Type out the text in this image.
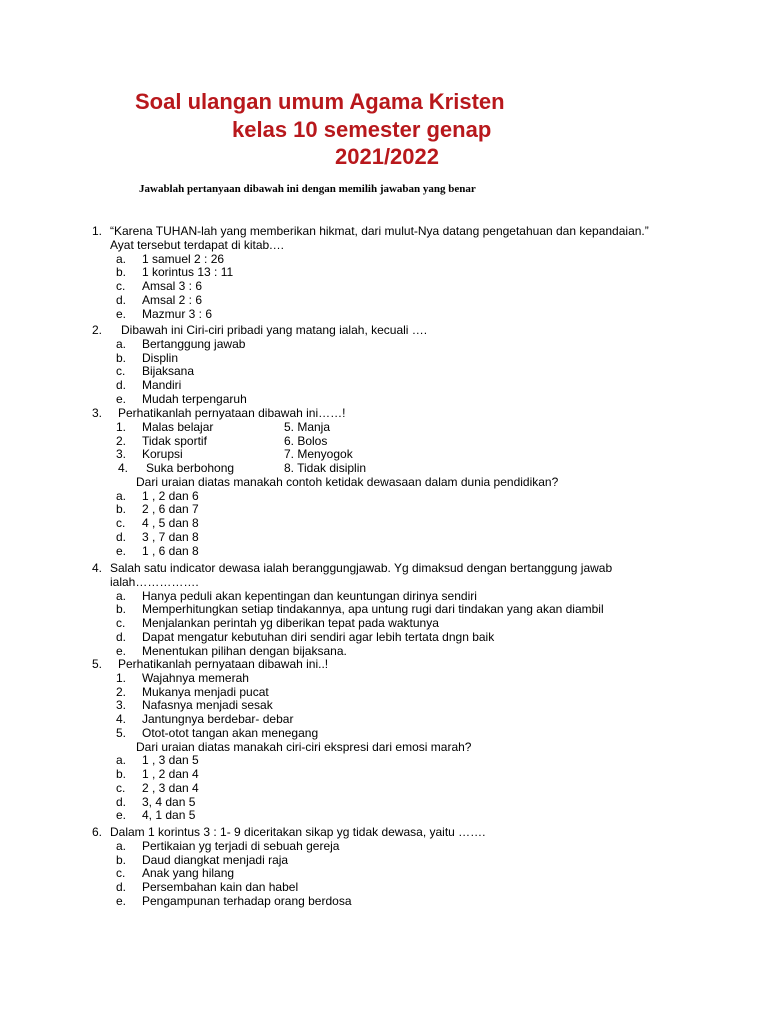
Soal ulangan umum Agama Kristen
kelas 10 semester genap
2021/2022

Jawablah pertanyaan dibawah ini dengan memilih jawaban yang benar

1. “Karena TUHAN-lah yang memberikan hikmat, dari mulut-Nya datang pengetahuan dan kepandaian.” Ayat tersebut terdapat di kitab.…
a. 1 samuel 2 : 26
b. 1 korintus 13 : 11
c. Amsal 3 : 6
d. Amsal 2 : 6
e. Mazmur 3 : 6
2.	Dibawah ini Ciri-ciri pribadi yang matang ialah, kecuali ….
a. Bertanggung jawab
b. Displin
c. Bijaksana
d. Mandiri
e. Mudah terpengaruh
3.	Perhatikanlah pernyataan dibawah ini……!
1. Malas belajar	5. Manja
2. Tidak sportif	6. Bolos
3. Korupsi	7. Menyogok
4. Suka berbohong	8. Tidak disiplin
Dari uraian diatas manakah contoh ketidak dewasaan dalam dunia pendidikan?
a. 1 , 2 dan 6
b. 2 , 6 dan 7
c. 4 , 5 dan 8
d. 3 , 7 dan 8
e. 1 , 6 dan 8
4. Salah satu indicator dewasa ialah beranggungjawab. Yg dimaksud dengan bertanggung jawab ialah…………….
a. Hanya peduli akan kepentingan dan keuntungan dirinya sendiri
b. Memperhitungkan setiap tindakannya, apa untung rugi dari tindakan yang akan diambil
c. Menjalankan perintah yg diberikan tepat pada waktunya
d. Dapat mengatur kebutuhan diri sendiri agar lebih tertata dngn baik
e. Menentukan pilihan dengan bijaksana.
5.	Perhatikanlah pernyataan dibawah ini..!
1. Wajahnya memerah
2. Mukanya menjadi pucat
3. Nafasnya menjadi sesak
4. Jantungnya berdebar- debar
5. Otot-otot tangan akan menegang
Dari uraian diatas manakah ciri-ciri ekspresi dari emosi marah?
a. 1 , 3 dan 5
b. 1 , 2 dan 4
c. 2 , 3 dan 4
d. 3, 4 dan 5
e. 4, 1 dan 5
6. Dalam 1 korintus 3 : 1- 9 diceritakan sikap yg tidak dewasa, yaitu …….
a. Pertikaian yg terjadi di sebuah gereja
b. Daud diangkat menjadi raja
c. Anak yang hilang
d. Persembahan kain dan habel
e. Pengampunan terhadap orang berdosa
